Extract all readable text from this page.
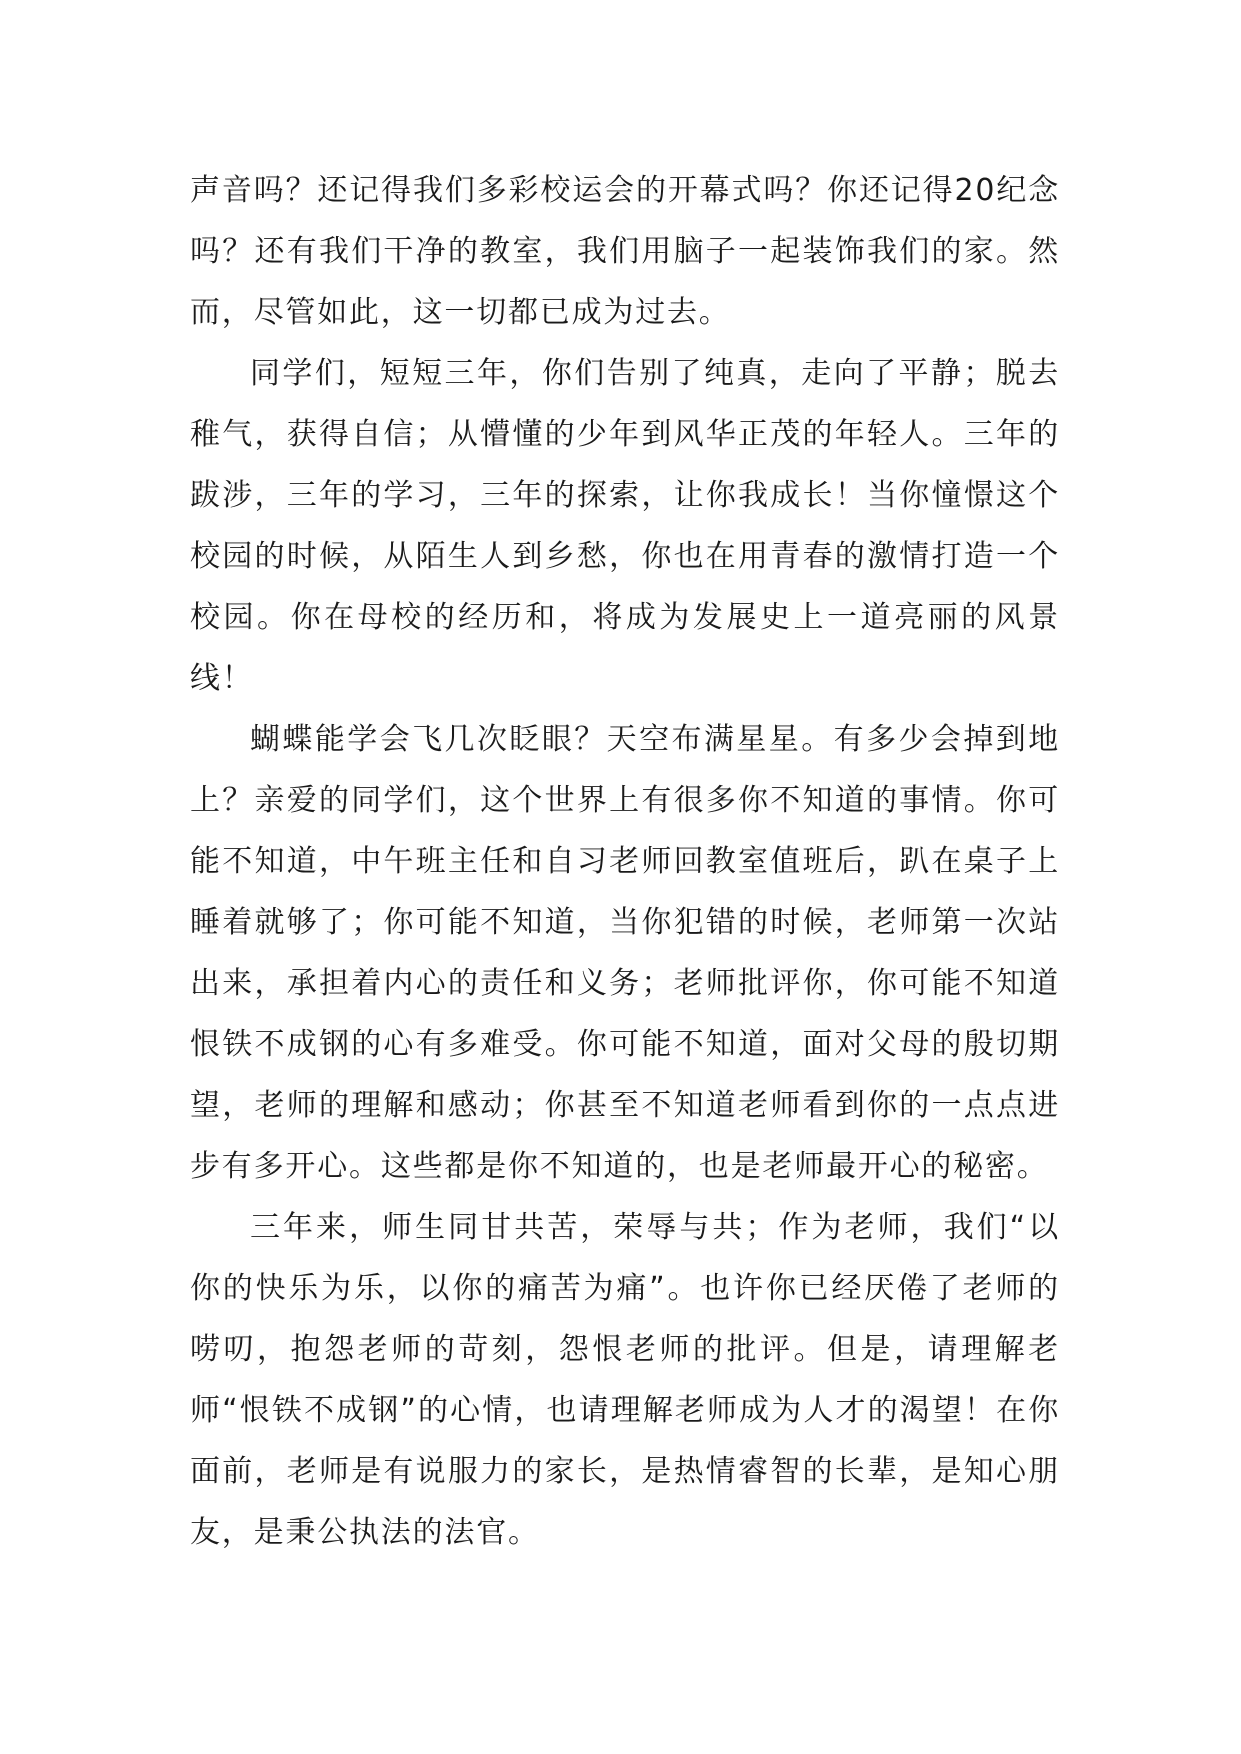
声音吗？还记得我们多彩校运会的开幕式吗？你还记得20纪念吗？还有我们干净的教室，我们用脑子一起装饰我们的家。然而，尽管如此，这一切都已成为过去。

同学们，短短三年，你们告别了纯真，走向了平静；脱去稚气，获得自信；从懵懂的少年到风华正茂的年轻人。三年的跋涉，三年的学习，三年的探索，让你我成长！当你憧憬这个校园的时候，从陌生人到乡愁，你也在用青春的激情打造一个校园。你在母校的经历和，将成为发展史上一道亮丽的风景线！

蝴蝶能学会飞几次眨眼？天空布满星星。有多少会掉到地上？亲爱的同学们，这个世界上有很多你不知道的事情。你可能不知道，中午班主任和自习老师回教室值班后，趴在桌子上睡着就够了；你可能不知道，当你犯错的时候，老师第一次站出来，承担着内心的责任和义务；老师批评你，你可能不知道恨铁不成钢的心有多难受。你可能不知道，面对父母的殷切期望，老师的理解和感动；你甚至不知道老师看到你的一点点进步有多开心。这些都是你不知道的，也是老师最开心的秘密。

三年来，师生同甘共苦，荣辱与共；作为老师，我们“以你的快乐为乐，以你的痛苦为痛”。也许你已经厌倦了老师的唠叨，抱怨老师的苛刻，怨恨老师的批评。但是，请理解老师“恨铁不成钢”的心情，也请理解老师成为人才的渴望！在你面前，老师是有说服力的家长，是热情睿智的长辈，是知心朋友，是秉公执法的法官。
